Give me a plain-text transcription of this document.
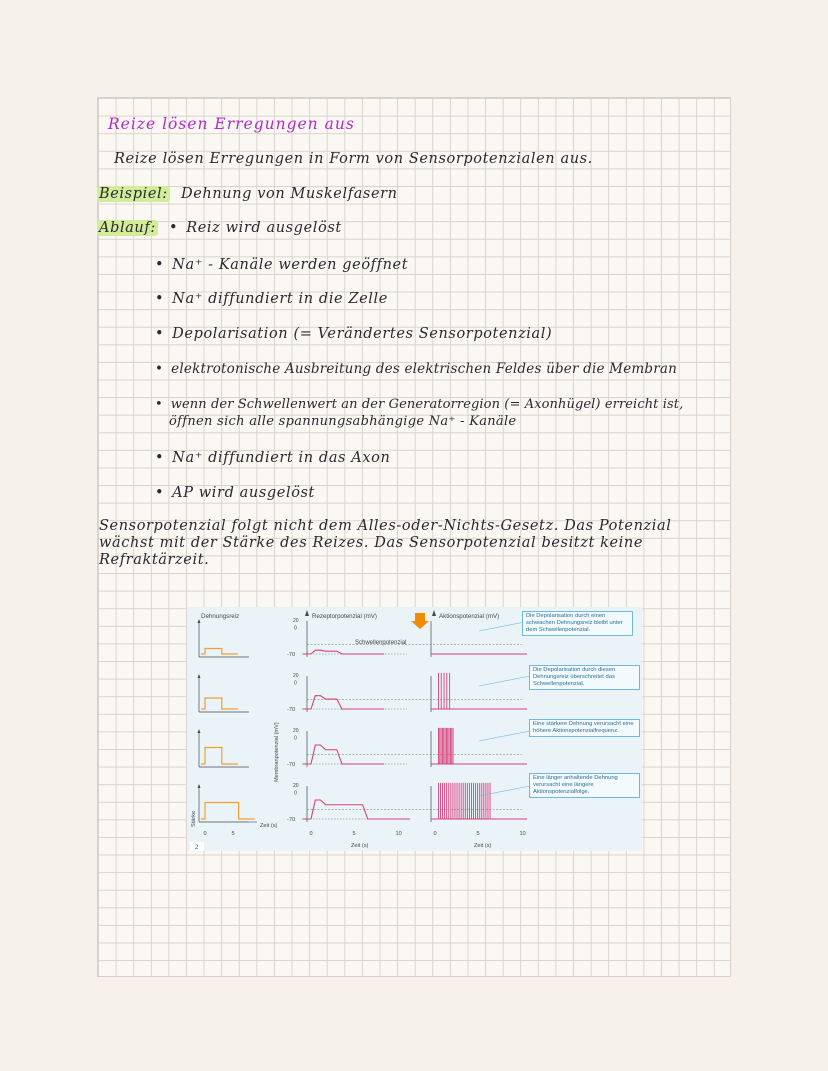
Reize lösen Erregungen aus
Reize lösen Erregungen in Form von Sensorpotenzialen aus.
Beispiel: Dehnung von Muskelfasern
Ablauf: • Reiz wird ausgelöst
• Na⁺ - Kanäle werden geöffnet
• Na⁺ diffundiert in die Zelle
• Depolarisation (= Verändertes Sensorpotenzial)
• elektrotonische Ausbreitung des elektrischen Feldes über die Membran
• wenn der Schwellenwert an der Generatorregion (= Axonhügel) erreicht ist,
öffnen sich alle spannungsabhängige Na⁺ - Kanäle
• Na⁺ diffundiert in das Axon
• AP wird ausgelöst
Sensorpotenzial folgt nicht dem Alles-oder-Nichts-Gesetz. Das Potenzial wächst mit der Stärke des Reizes. Das Sensorpotenzial besitzt keine Refraktärzeit.
Dehnungsreiz	Rezeptorpotenzial (mV)	Aktionspotenzial (mV)
Schwellenpotenzial
Membranpotenzial (mV)
Stärke	Zeit (s)
Zeit (s)	Zeit (s)
2
-70
20
0
-70
20
0
-70
20
0
-70
20
0
0	5	0	0
5	5
10	10
Die Depolarisation durch einen schwachen Dehnungsreiz bleibt unter dem Schwellenpotenzial.
Die Depolarisation durch diesen Dehnungsreiz überschreitet das Schwellenpotenzial.
Eine stärkere Dehnung verursacht eine höhere Aktionspotenzialfrequenz.
Eine länger anhaltende Dehnung verursacht eine längere Aktionspotenzialfolge.
